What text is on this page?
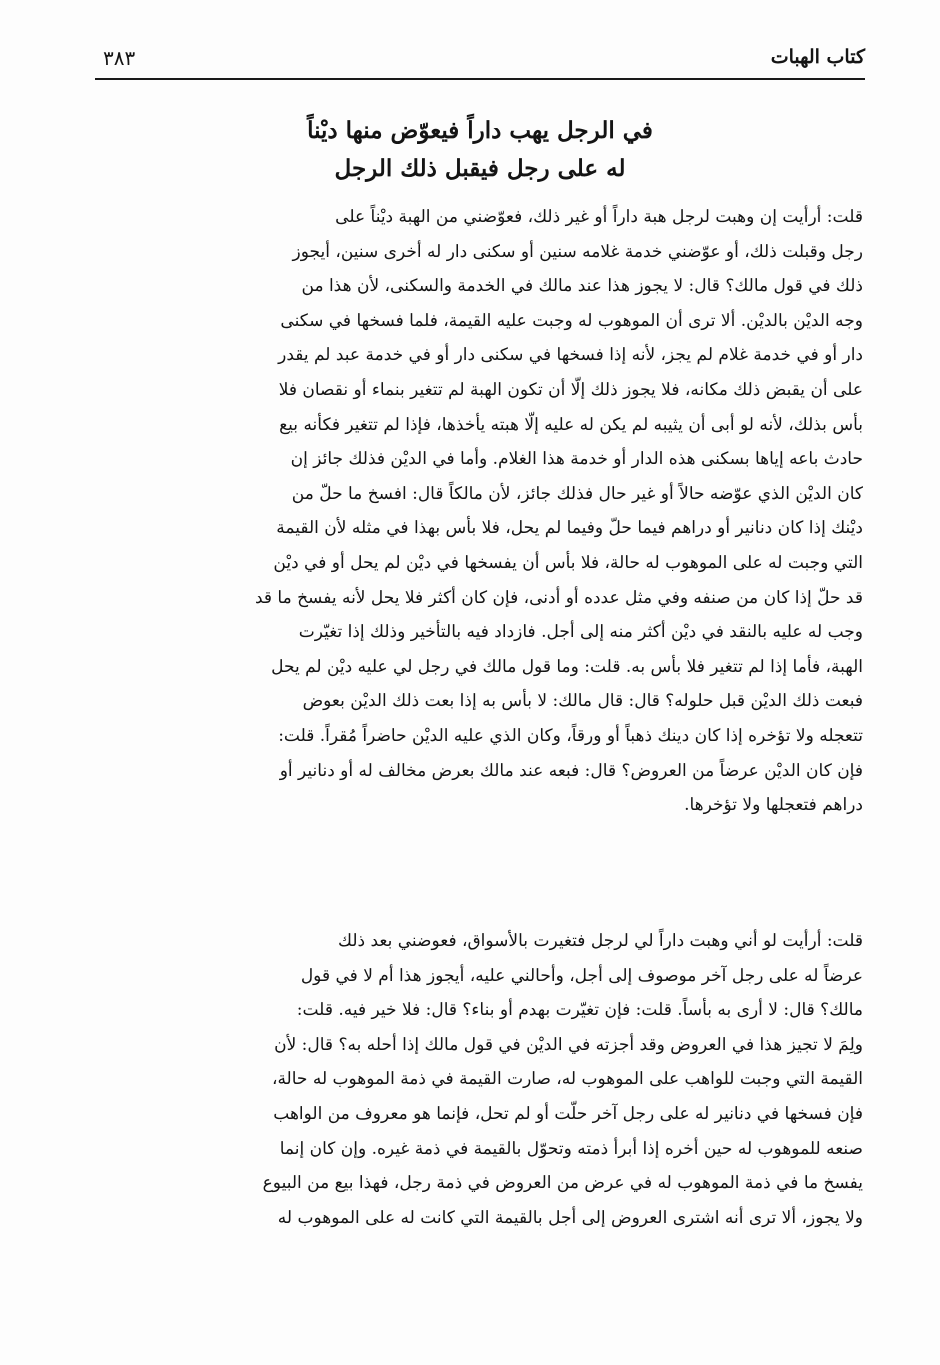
كتاب الهبات
٣٨٣
في الرجل يهب داراً فيعوّض منها ديْناً
له على رجل فيقبل ذلك الرجل
قلت: أرأيت إن وهبت لرجل هبة داراً أو غير ذلك، فعوّضني من الهبة ديْناً على
رجل وقبلت ذلك، أو عوّضني خدمة غلامه سنين أو سكنى دار له أخرى سنين، أيجوز
ذلك في قول مالك؟ قال: لا يجوز هذا عند مالك في الخدمة والسكنى، لأن هذا من
وجه الديْن بالديْن. ألا ترى أن الموهوب له وجبت عليه القيمة، فلما فسخها في سكنى
دار أو في خدمة غلام لم يجز، لأنه إذا فسخها في سكنى دار أو في خدمة عبد لم يقدر
على أن يقبض ذلك مكانه، فلا يجوز ذلك إلّا أن تكون الهبة لم تتغير بنماء أو نقصان فلا
بأس بذلك، لأنه لو أبى أن يثيبه لم يكن له عليه إلّا هبته يأخذها، فإذا لم تتغير فكأنه بيع
حادث باعه إياها بسكنى هذه الدار أو خدمة هذا الغلام. وأما في الديْن فذلك جائز إن
كان الديْن الذي عوّضه حالاً أو غير حال فذلك جائز، لأن مالكاً قال: افسخ ما حلّ من
ديْنك إذا كان دنانير أو دراهم فيما حلّ وفيما لم يحل، فلا بأس بهذا في مثله لأن القيمة
التي وجبت له على الموهوب له حالة، فلا بأس أن يفسخها في ديْن لم يحل أو في ديْن
قد حلّ إذا كان من صنفه وفي مثل عدده أو أدنى، فإن كان أكثر فلا يحل لأنه يفسخ ما قد
وجب له عليه بالنقد في ديْن أكثر منه إلى أجل. فازداد فيه بالتأخير وذلك إذا تغيّرت
الهبة، فأما إذا لم تتغير فلا بأس به. قلت: وما قول مالك في رجل لي عليه ديْن لم يحل
فبعت ذلك الديْن قبل حلوله؟ قال: قال مالك: لا بأس به إذا بعت ذلك الديْن بعوض
تتعجله ولا تؤخره إذا كان دينك ذهباً أو ورقاً، وكان الذي عليه الديْن حاضراً مُقراً. قلت:
فإن كان الديْن عرضاً من العروض؟ قال: فبعه عند مالك بعرض مخالف له أو دنانير أو
دراهم فتعجلها ولا تؤخرها.
قلت: أرأيت لو أني وهبت داراً لي لرجل فتغيرت بالأسواق، فعوضني بعد ذلك
عرضاً له على رجل آخر موصوف إلى أجل، وأحالني عليه، أيجوز هذا أم لا في قول
مالك؟ قال: لا أرى به بأساً. قلت: فإن تغيّرت بهدم أو بناء؟ قال: فلا خير فيه. قلت:
ولِمَ لا تجيز هذا في العروض وقد أجزته في الديْن في قول مالك إذا أحله به؟ قال: لأن
القيمة التي وجبت للواهب على الموهوب له، صارت القيمة في ذمة الموهوب له حالة،
فإن فسخها في دنانير له على رجل آخر حلّت أو لم تحل، فإنما هو معروف من الواهب
صنعه للموهوب له حين أخره إذا أبرأ ذمته وتحوّل بالقيمة في ذمة غيره. وإن كان إنما
يفسخ ما في ذمة الموهوب له في عرض من العروض في ذمة رجل، فهذا بيع من البيوع
ولا يجوز، ألا ترى أنه اشترى العروض إلى أجل بالقيمة التي كانت له على الموهوب له
